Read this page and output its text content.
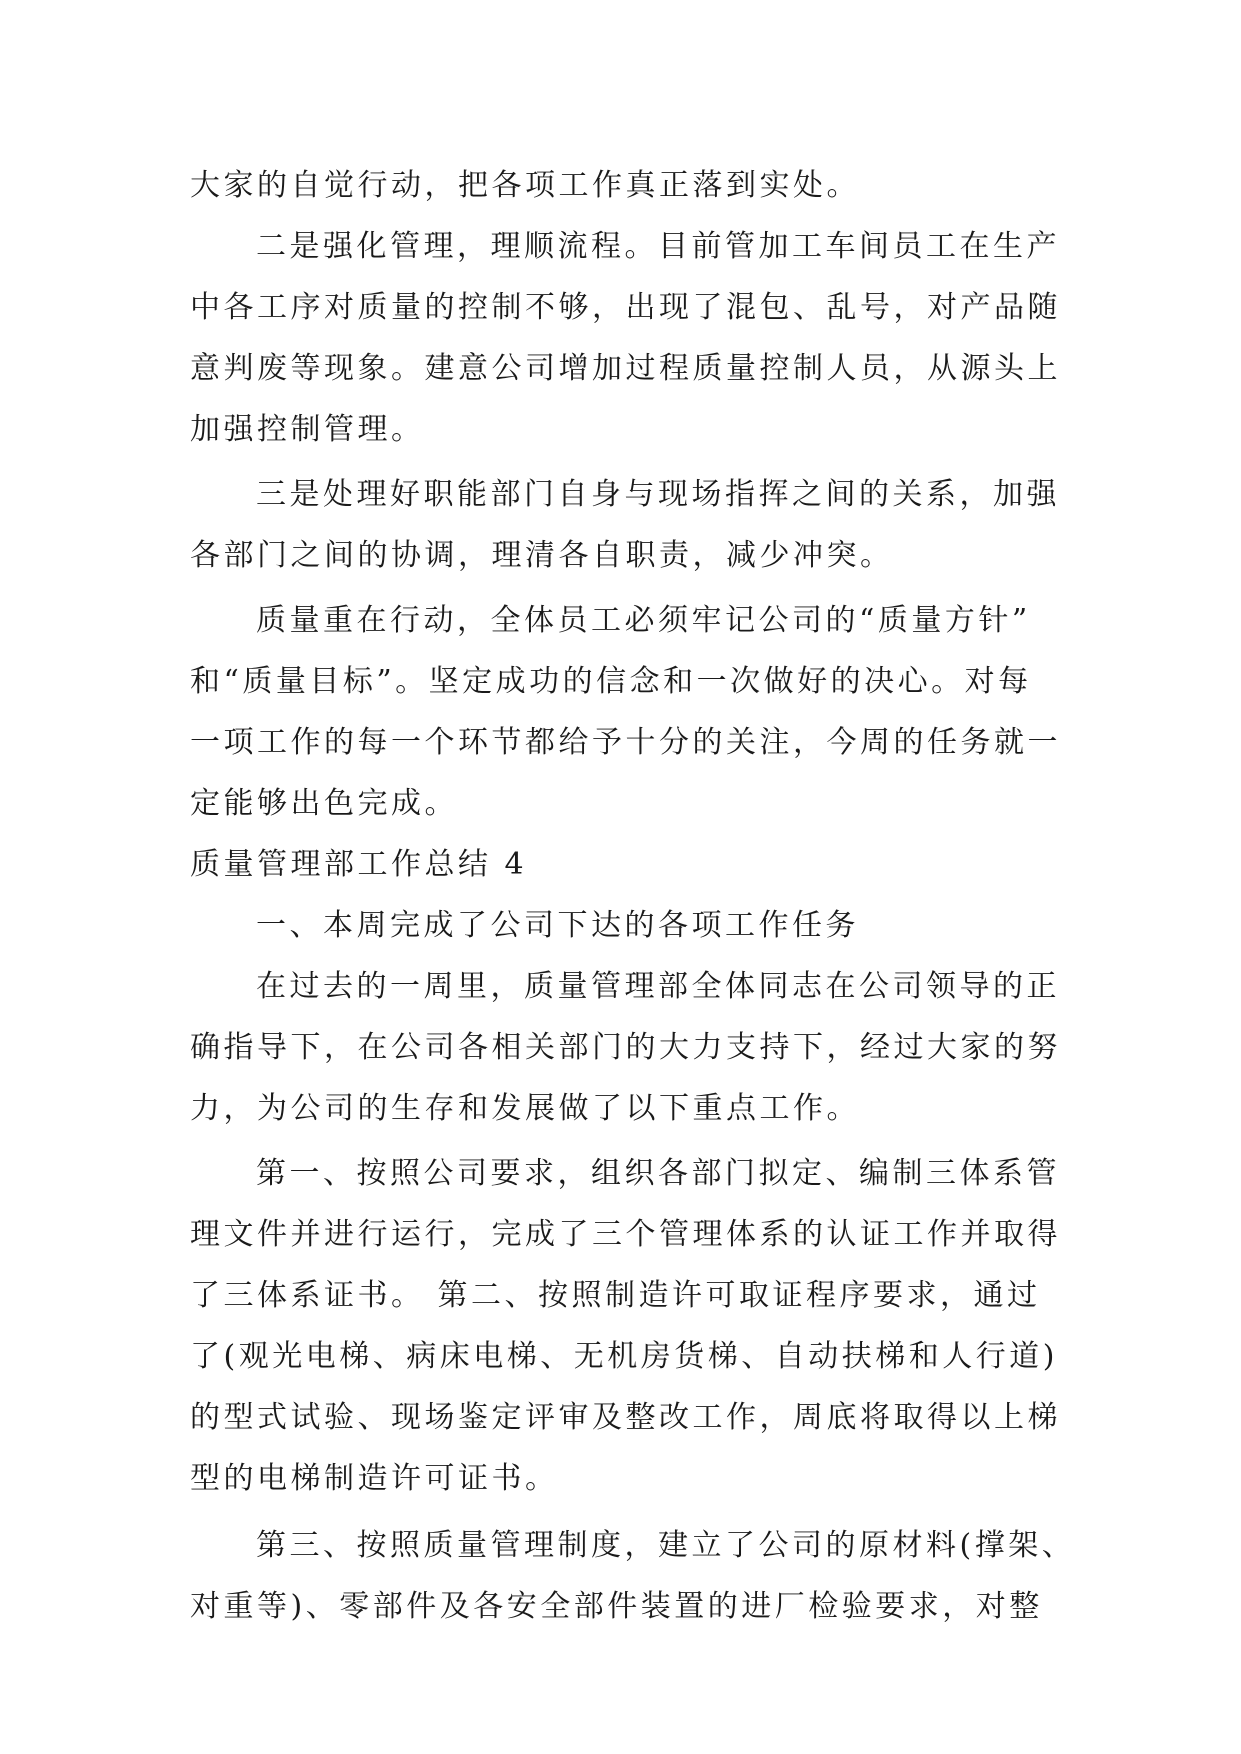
大家的自觉行动，把各项工作真正落到实处。
二是强化管理，理顺流程。目前管加工车间员工在生产
中各工序对质量的控制不够，出现了混包、乱号，对产品随
意判废等现象。建意公司增加过程质量控制人员，从源头上
加强控制管理。
三是处理好职能部门自身与现场指挥之间的关系，加强
各部门之间的协调，理清各自职责，减少冲突。
质量重在行动，全体员工必须牢记公司的“质量方针”
和“质量目标”。坚定成功的信念和一次做好的决心。对每
一项工作的每一个环节都给予十分的关注，今周的任务就一
定能够出色完成。
质量管理部工作总结 4
一、本周完成了公司下达的各项工作任务
在过去的一周里，质量管理部全体同志在公司领导的正
确指导下，在公司各相关部门的大力支持下，经过大家的努
力，为公司的生存和发展做了以下重点工作。
第一、按照公司要求，组织各部门拟定、编制三体系管
理文件并进行运行，完成了三个管理体系的认证工作并取得
了三体系证书。 第二、按照制造许可取证程序要求，通过
了(观光电梯、病床电梯、无机房货梯、自动扶梯和人行道)
的型式试验、现场鉴定评审及整改工作，周底将取得以上梯
型的电梯制造许可证书。
第三、按照质量管理制度，建立了公司的原材料(撑架、
对重等)、零部件及各安全部件装置的进厂检验要求，对整
